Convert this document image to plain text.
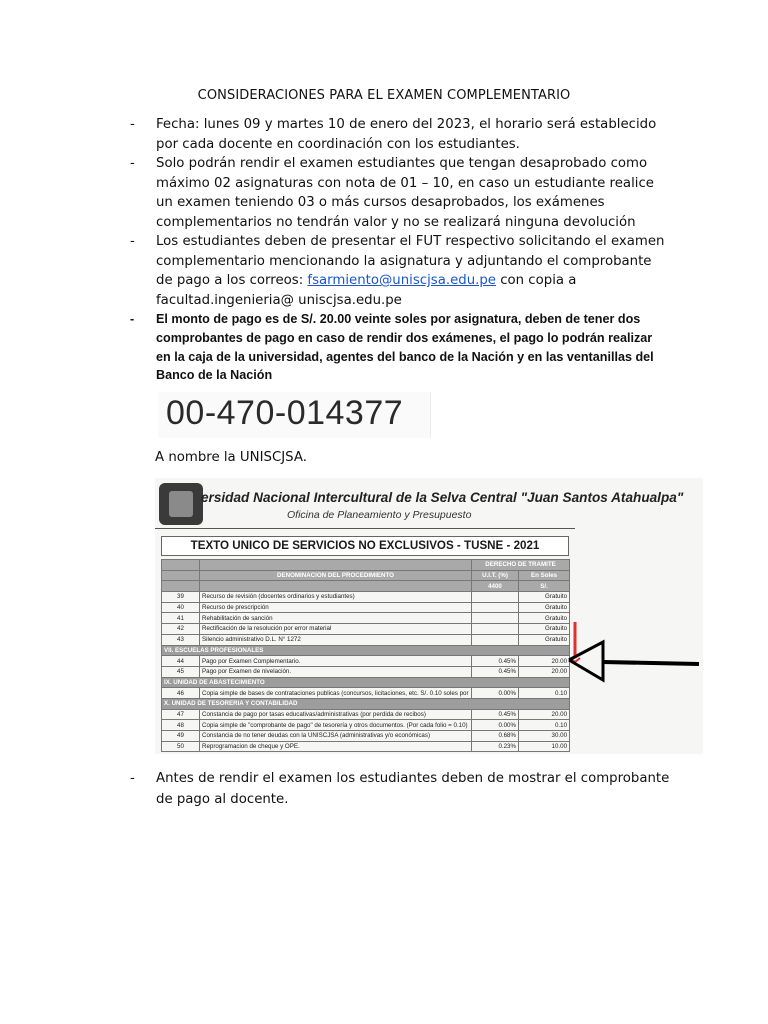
CONSIDERACIONES PARA EL EXAMEN COMPLEMENTARIO
- Fecha: lunes 09 y martes 10 de enero del 2023, el horario será establecido por cada docente en coordinación con los estudiantes.
- Solo podrán rendir el examen estudiantes que tengan desaprobado como máximo 02 asignaturas con nota de 01 – 10, en caso un estudiante realice un examen teniendo 03 o más cursos desaprobados, los exámenes complementarios no tendrán valor y no se realizará ninguna devolución
- Los estudiantes deben de presentar el FUT respectivo solicitando el examen complementario mencionando la asignatura y adjuntando el comprobante de pago a los correos: fsarmiento@uniscjsa.edu.pe con copia a facultad.ingenieria@ uniscjsa.edu.pe
- El monto de pago es de S/. 20.00 veinte soles por asignatura, deben de tener dos comprobantes de pago en caso de rendir dos exámenes, el pago lo podrán realizar en la caja de la universidad, agentes del banco de la Nación y en las ventanillas del Banco de la Nación
00-470-014377
A nombre la UNISCJSA.
ersidad Nacional Intercultural de la Selva Central "Juan Santos Atahualpa"
Oficina de Planeamiento y Presupuesto
TEXTO UNICO DE SERVICIOS NO EXCLUSIVOS - TUSNE - 2021
		DERECHO DE TRAMITE	
	DENOMINACION DEL PROCEDIMIENTO	U.I.T. (%)	En Soles
		4400	S/.
39	Recurso de revisión (docentes ordinarios y estudiantes)		Gratuito
40	Recurso de prescripción		Gratuito
41	Rehabilitación de sanción		Gratuito
42	Rectificación de la resolución por error material		Gratuito
43	Silencio administrativo D.L. N° 1272		Gratuito
VII. ESCUELAS PROFESIONALES			
44	Pago por Examen Complementario.	0.45%	20.00
45	Pago por Examen de nivelación.	0.45%	20.00
IX. UNIDAD DE ABASTECIMIENTO			
46	Copia simple de bases de contrataciones publicas (concursos, licitaciones, etc. S/. 0.10 soles por	0.00%	0.10
X. UNIDAD DE TESORERIA Y CONTABILIDAD			
47	Constancia de pago por tasas educativas/administrativas (por perdida de recibos)	0.45%	20.00
48	Copia simple de "comprobante de pago" de tesorería y otros documentos. (Por cada folio = 0.10)	0.00%	0.10
49	Constancia de no tener deudas con la UNISCJSA (administrativas y/o económicas)	0.68%	30.00
50	Reprogramacion de cheque y OPE.	0.23%	10.00
- Antes de rendir el examen los estudiantes deben de mostrar el comprobante de pago al docente.
